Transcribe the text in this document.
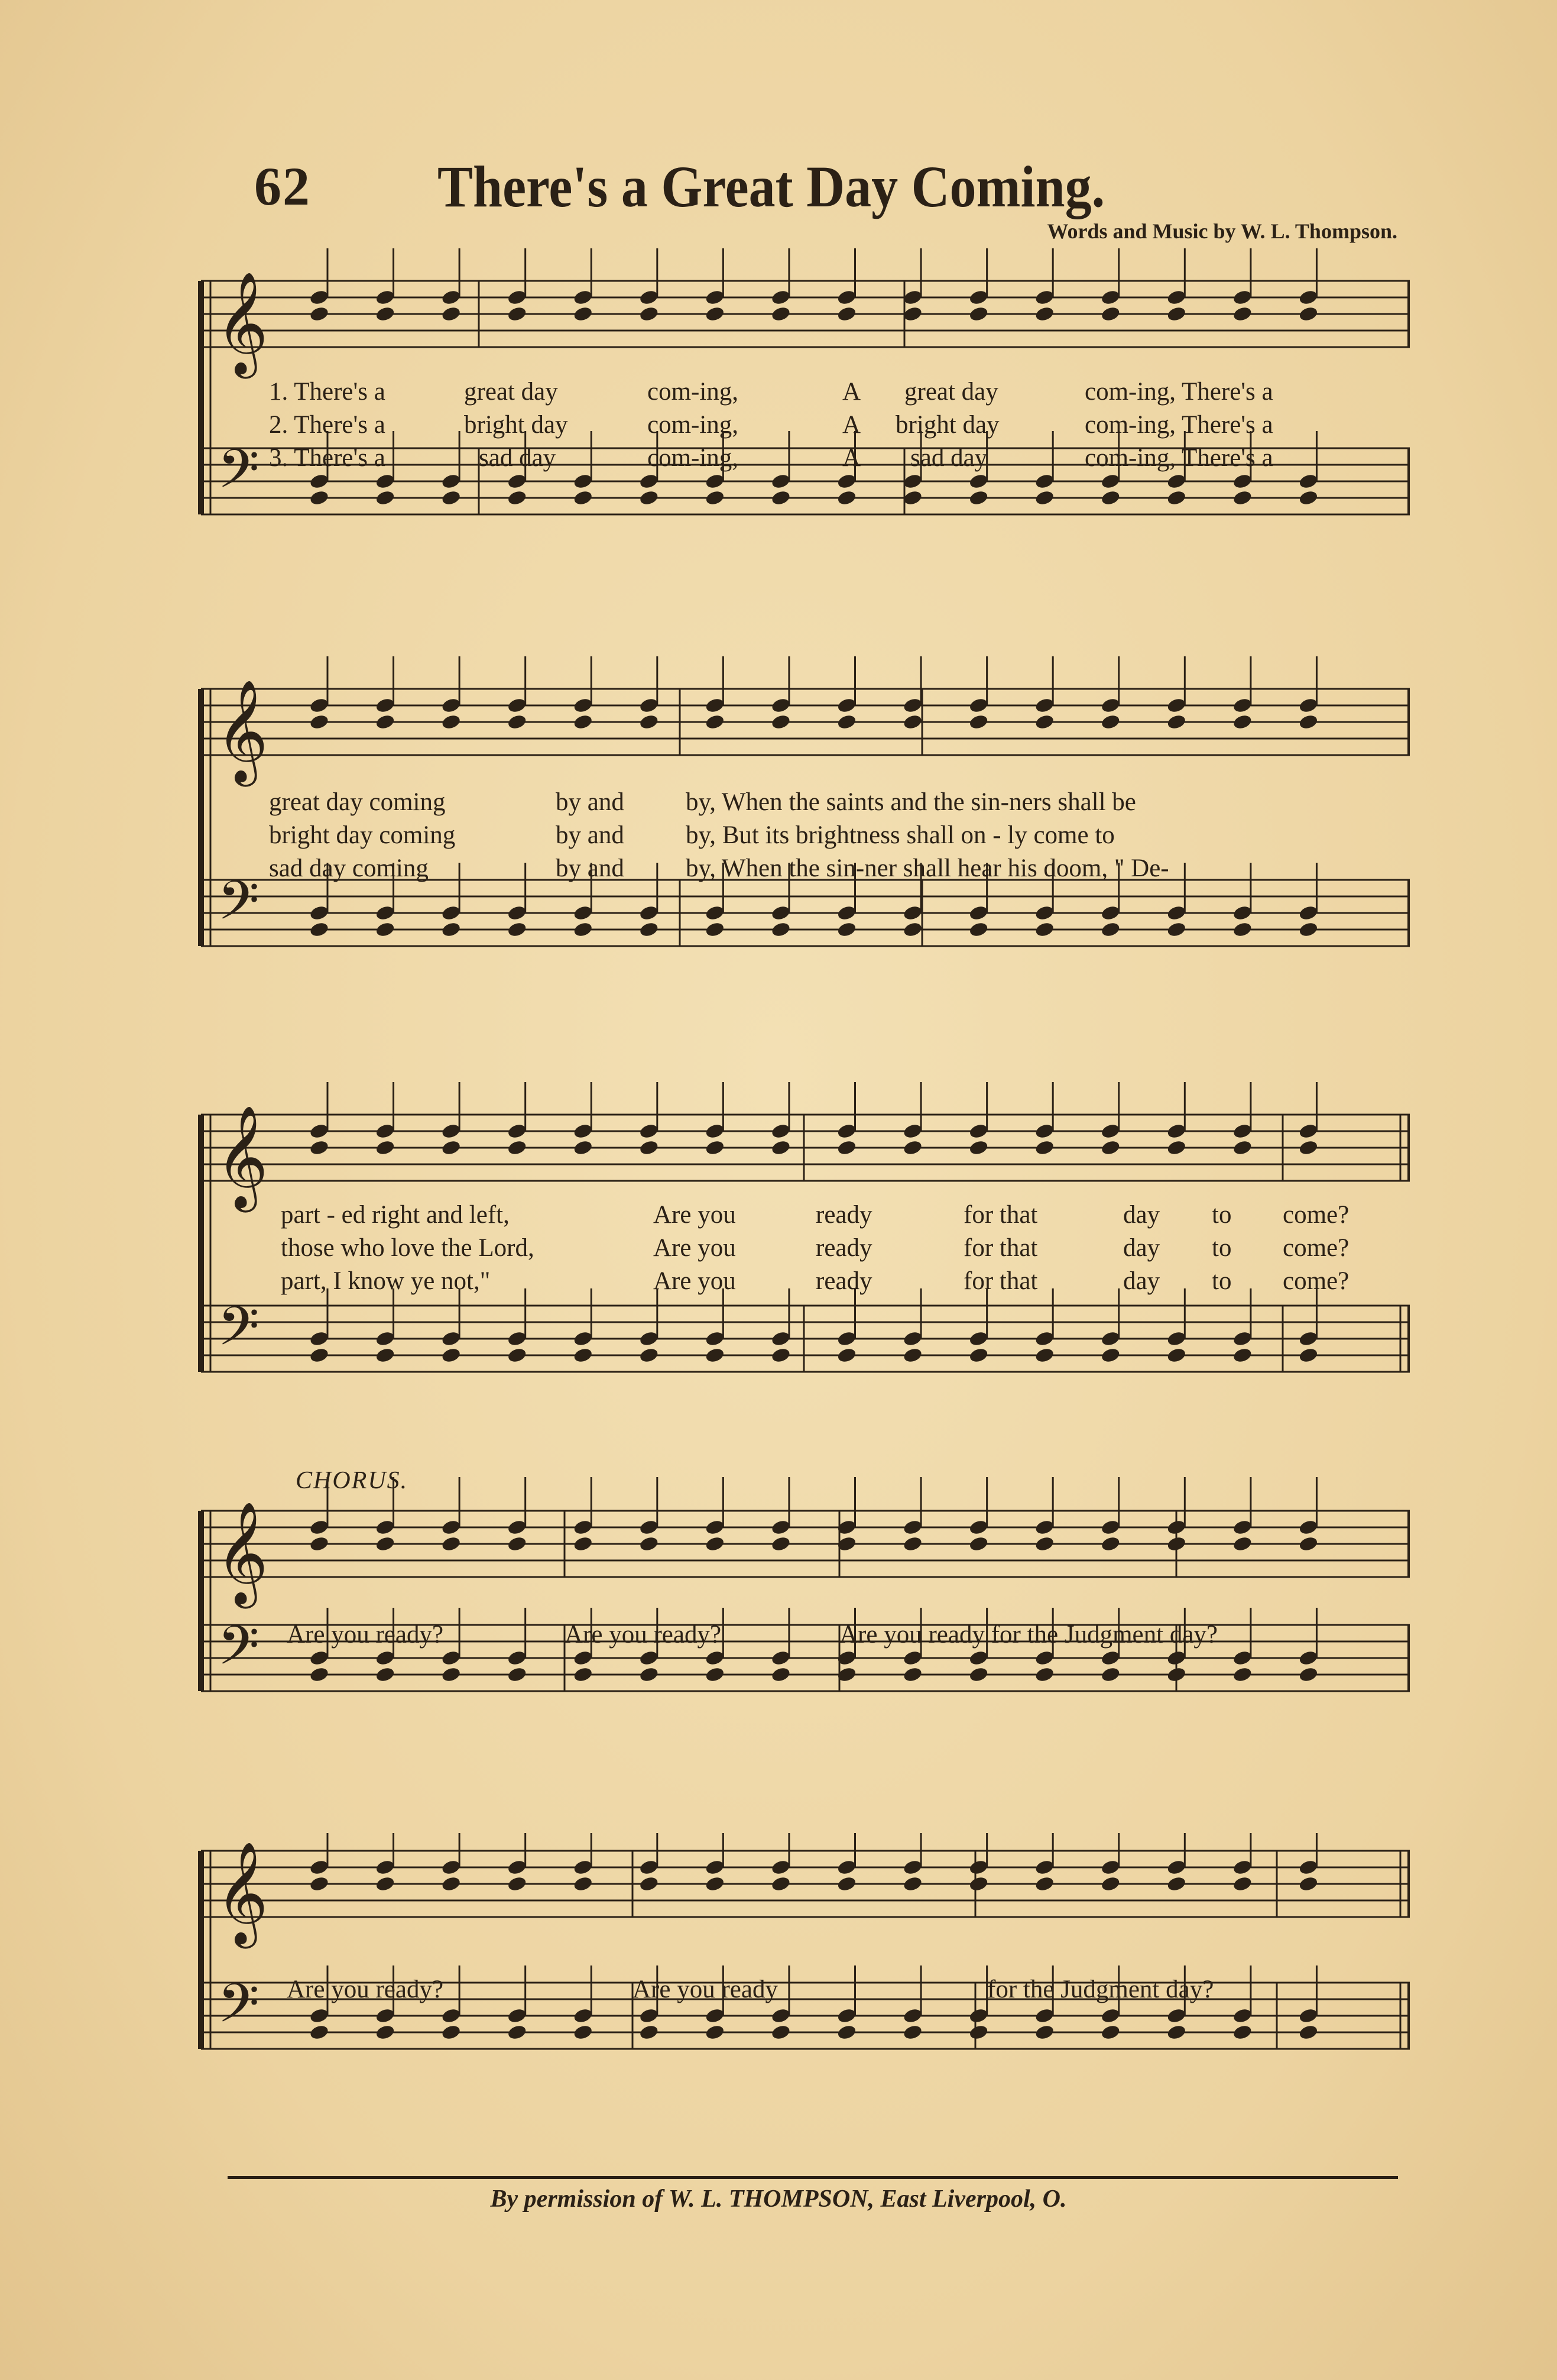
62 There's a Great Day Coming.
Words and Music by W. L. Thompson.
𝄞
𝄢
1. There's a	great day	com-ing,	A great day	com-ing, There's a
2. There's a	bright day	com-ing,	A bright day	com-ing, There's a
3. There's a	sad day	com-ing,	A sad day	com-ing, There's a
𝄞
𝄢
great day coming	by and by, When the saints and the sin-ners shall be
bright day coming	by and by, But its brightness shall on - ly come to
sad day coming	by and by, When the sin-ner shall hear his doom, " De-
𝄞
𝄢
part - ed right and left,	Are you	ready	for that	day to come?
those who love the Lord,	Are you	ready	for that	day to come?
part, I know ye not,"	Are you	ready	for that	day to come?
CHORUS.
𝄞
𝄢 Are you ready?	Are you ready?	Are you ready for the Judgment day?
𝄞
𝄢 Are you ready?	Are you ready	for the Judgment day?
By permission of W. L. THOMPSON, East Liverpool, O.
